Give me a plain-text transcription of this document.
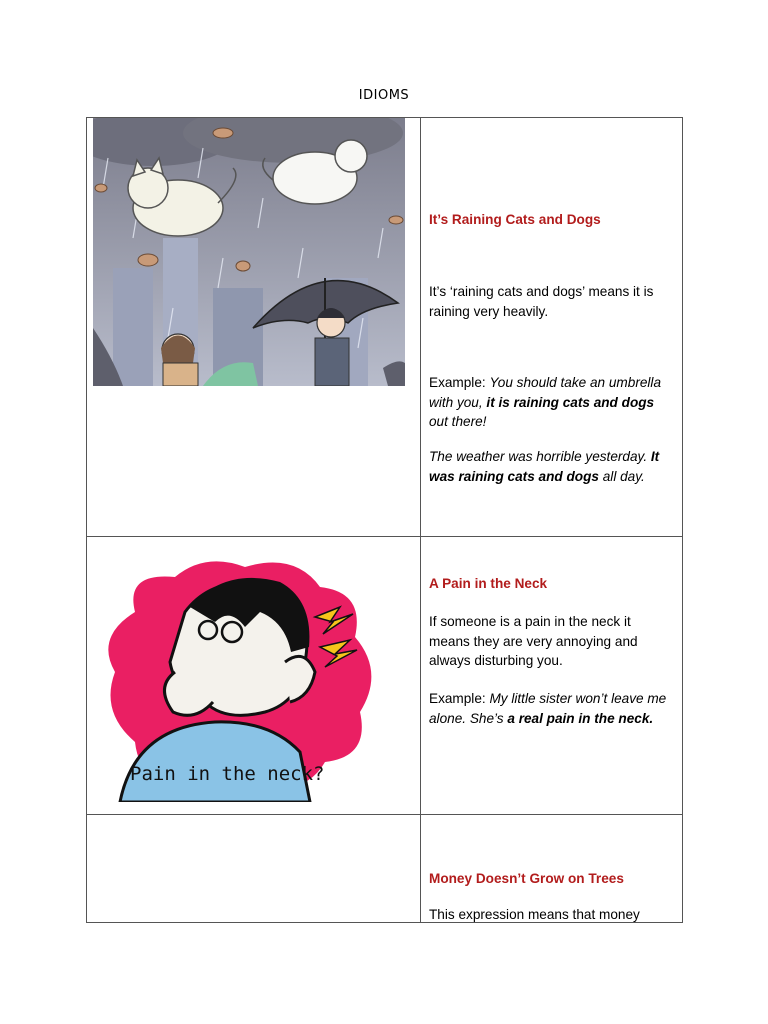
IDIOMS
It’s Raining Cats and Dogs

It’s ‘raining cats and dogs’ means it is raining very heavily.

Example: You should take an umbrella with you, it is raining cats and dogs out there!

The weather was horrible yesterday. It was raining cats and dogs all day.

Pain in the neck?
A Pain in the Neck

If someone is a pain in the neck it means they are very annoying and always disturbing you.

Example: My little sister won’t leave me alone. She’s a real pain in the neck.

Money Doesn’t Grow on Trees

This expression means that money
